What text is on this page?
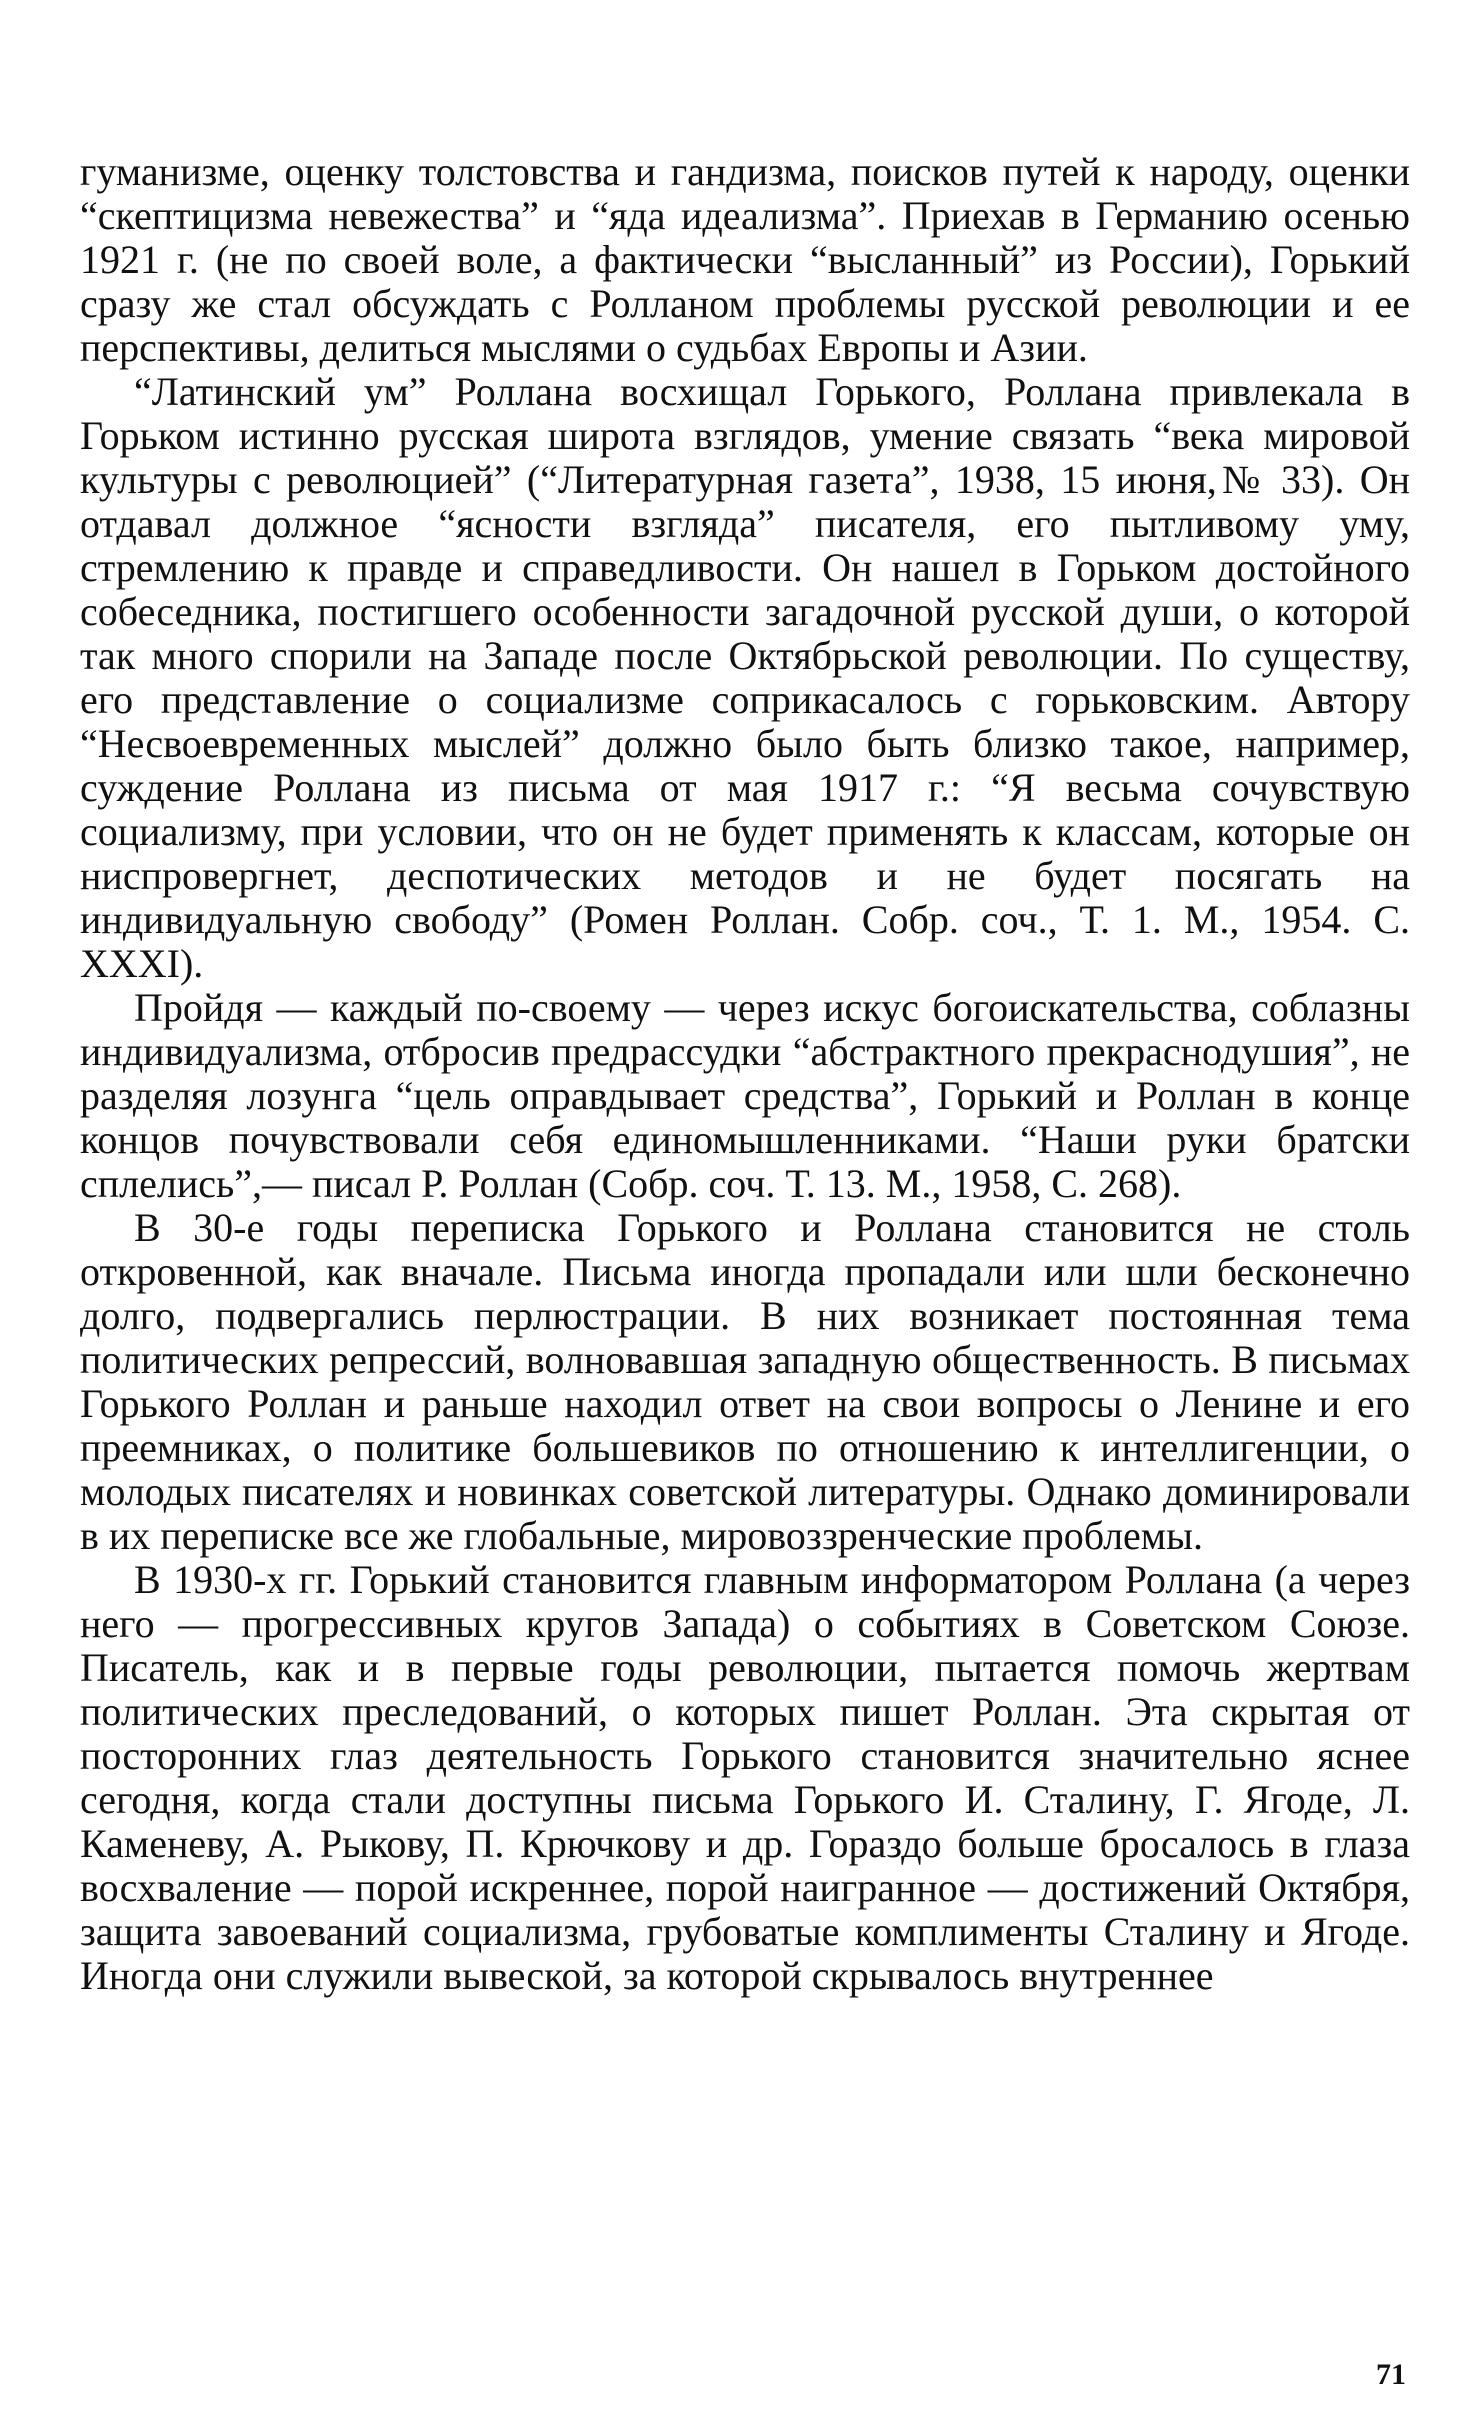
гуманизме, оценку толстовства и гандизма, поисков путей к народу, оценки “скептицизма невежества” и “яда идеализма”. Приехав в Германию осенью 1921 г. (не по своей воле, а фактически “высланный” из России), Горький сразу же стал обсуждать с Ролланом проблемы русской революции и ее перспективы, делиться мыслями о судьбах Европы и Азии.

“Латинский ум” Роллана восхищал Горького, Роллана привлекала в Горьком истинно русская широта взглядов, умение связать “века мировой культуры с революцией” (“Литературная газета”, 1938, 15 июня,№ 33). Он отдавал должное “ясности взгляда” писателя, его пытливому уму, стремлению к правде и справедливости. Он нашел в Горьком достойного собеседника, постигшего особенности загадочной русской души, о которой так много спорили на Западе после Октябрьской революции. По существу, его представление о социализме соприкасалось с горьковским. Автору “Несвоевременных мыслей” должно было быть близко такое, например, суждение Роллана из письма от мая 1917 г.: “Я весьма сочувствую социализму, при условии, что он не будет применять к классам, которые он ниспровергнет, деспотических методов и не будет посягать на индивидуальную свободу” (Ромен Роллан. Собр. соч., Т. 1. М., 1954. С. XXXI).

Пройдя — каждый по-своему — через искус богоискательства, соблазны индивидуализма, отбросив предрассудки “абстрактного прекраснодушия”, не разделяя лозунга “цель оправдывает средства”, Горький и Роллан в конце концов почувствовали себя единомышленниками. “Наши руки братски сплелись”,— писал Р. Роллан (Собр. соч. Т. 13. М., 1958, С. 268).

В 30-е годы переписка Горького и Роллана становится не столь откровенной, как вначале. Письма иногда пропадали или шли бесконечно долго, подвергались перлюстрации. В них возникает постоянная тема политических репрессий, волновавшая западную общественность. В письмах Горького Роллан и раньше находил ответ на свои вопросы о Ленине и его преемниках, о политике большевиков по отношению к интеллигенции, о молодых писателях и новинках советской литературы. Однако доминировали в их переписке все же глобальные, мировоззренческие проблемы.

В 1930-х гг. Горький становится главным информатором Роллана (а через него — прогрессивных кругов Запада) о событиях в Советском Союзе. Писатель, как и в первые годы революции, пытается помочь жертвам политических преследований, о которых пишет Роллан. Эта скрытая от посторонних глаз деятельность Горького становится значительно яснее сегодня, когда стали доступны письма Горького И. Сталину, Г. Ягоде, Л. Каменеву, А. Рыкову, П. Крючкову и др. Гораздо больше бросалось в глаза восхваление — порой искреннее, порой наигранное — достижений Октября, защита завоеваний социализма, грубоватые комплименты Сталину и Ягоде. Иногда они служили вывеской, за которой скрывалось внутреннее

71
